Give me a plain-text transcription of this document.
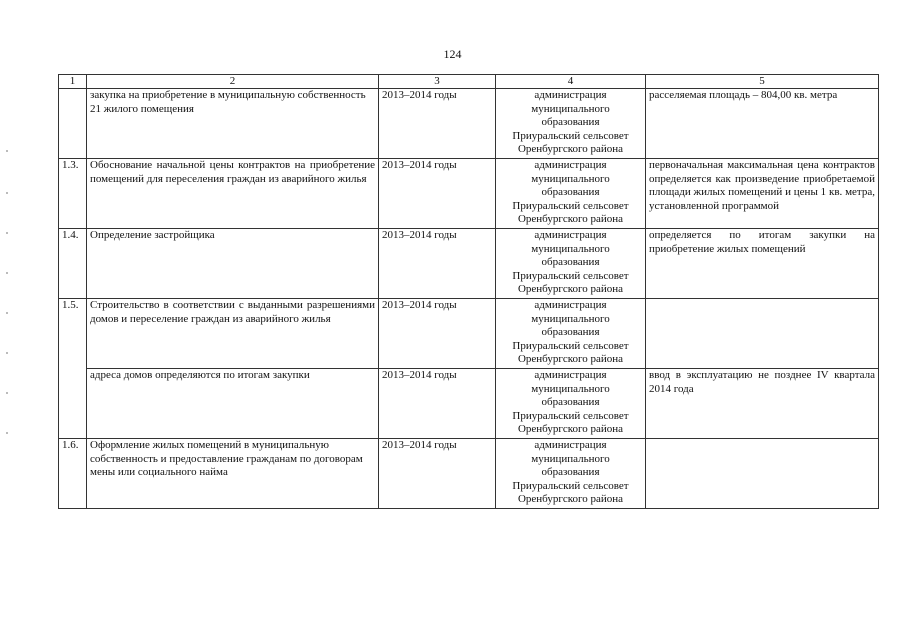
124
1	2	3	4	5
	закупка на приобретение в муниципальную собственность 21 жилого помещения	2013–2014 годы	администрация
муниципального
образования
Приуральский сельсовет
Оренбургского района	расселяемая площадь – 804,00 кв. метра
1.3.	Обоснование начальной цены контрактов на приобретение помещений для переселения граждан из аварийного жилья	2013–2014 годы	администрация
муниципального
образования
Приуральский сельсовет
Оренбургского района	первоначальная максимальная цена контрактов определяется как произведение приобретаемой площади жилых помещений и цены 1 кв. метра, установленной программой
1.4.	Определение застройщика	2013–2014 годы	администрация
муниципального
образования
Приуральский сельсовет
Оренбургского района	определяется по итогам закупки на приобретение жилых помещений
1.5.	Строительство в соответствии с выданными разрешениями домов и переселение граждан из аварийного жилья	2013–2014 годы	администрация
муниципального
образования
Приуральский сельсовет
Оренбургского района	

	адреса домов определяются по итогам закупки	2013–2014 годы	администрация
муниципального
образования
Приуральский сельсовет
Оренбургского района	ввод в эксплуатацию не позднее IV квартала 2014 года
1.6.	Оформление жилых помещений в муниципальную собственность и предоставление гражданам по договорам мены или социального найма	2013–2014 годы	администрация
муниципального
образования
Приуральский сельсовет
Оренбургского района	
